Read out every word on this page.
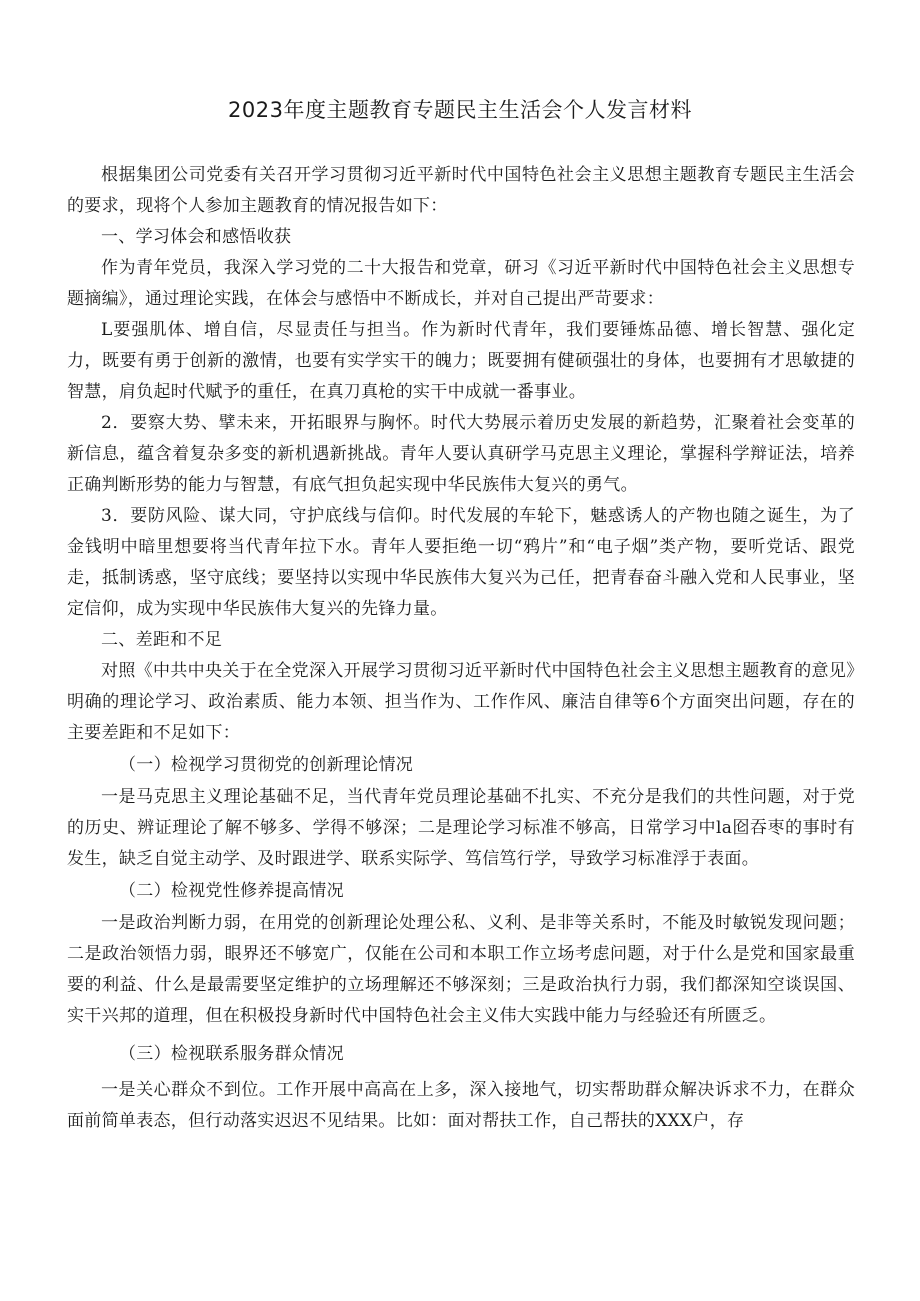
2023年度主题教育专题民主生活会个人发言材料

根据集团公司党委有关召开学习贯彻习近平新时代中国特色社会主义思想主题教育专题民主生活会的要求，现将个人参加主题教育的情况报告如下：

一、学习体会和感悟收获

作为青年党员，我深入学习党的二十大报告和党章，研习《习近平新时代中国特色社会主义思想专题摘编》，通过理论实践，在体会与感悟中不断成长，并对自己提出严苛要求：

L要强肌体、增自信，尽显责任与担当。作为新时代青年，我们要锤炼品德、增长智慧、强化定力，既要有勇于创新的激情，也要有实学实干的魄力；既要拥有健硕强壮的身体，也要拥有才思敏捷的智慧，肩负起时代赋予的重任，在真刀真枪的实干中成就一番事业。

2．要察大势、擘未来，开拓眼界与胸怀。时代大势展示着历史发展的新趋势，汇聚着社会变革的新信息，蕴含着复杂多变的新机遇新挑战。青年人要认真研学马克思主义理论，掌握科学辩证法，培养正确判断形势的能力与智慧，有底气担负起实现中华民族伟大复兴的勇气。

3．要防风险、谋大同，守护底线与信仰。时代发展的车轮下，魅惑诱人的产物也随之诞生，为了金钱明中暗里想要将当代青年拉下水。青年人要拒绝一切“鸦片”和“电子烟”类产物，要听党话、跟党走，抵制诱惑，坚守底线；要坚持以实现中华民族伟大复兴为己任，把青春奋斗融入党和人民事业，坚定信仰，成为实现中华民族伟大复兴的先锋力量。

二、差距和不足

对照《中共中央关于在全党深入开展学习贯彻习近平新时代中国特色社会主义思想主题教育的意见》明确的理论学习、政治素质、能力本领、担当作为、工作作风、廉洁自律等6个方面突出问题，存在的主要差距和不足如下：

（一）检视学习贯彻党的创新理论情况

一是马克思主义理论基础不足，当代青年党员理论基础不扎实、不充分是我们的共性问题，对于党的历史、辨证理论了解不够多、学得不够深；二是理论学习标准不够高，日常学习中la囵吞枣的事时有发生，缺乏自觉主动学、及时跟进学、联系实际学、笃信笃行学，导致学习标准浮于表面。

（二）检视党性修养提高情况

一是政治判断力弱，在用党的创新理论处理公私、义利、是非等关系时，不能及时敏锐发现问题；二是政治领悟力弱，眼界还不够宽广，仅能在公司和本职工作立场考虑问题，对于什么是党和国家最重要的利益、什么是最需要坚定维护的立场理解还不够深刻；三是政治执行力弱，我们都深知空谈误国、实干兴邦的道理，但在积极投身新时代中国特色社会主义伟大实践中能力与经验还有所匮乏。

（三）检视联系服务群众情况

一是关心群众不到位。工作开展中高高在上多，深入接地气，切实帮助群众解决诉求不力，在群众面前简单表态，但行动落实迟迟不见结果。比如：面对帮扶工作，自己帮扶的XXX户，存
